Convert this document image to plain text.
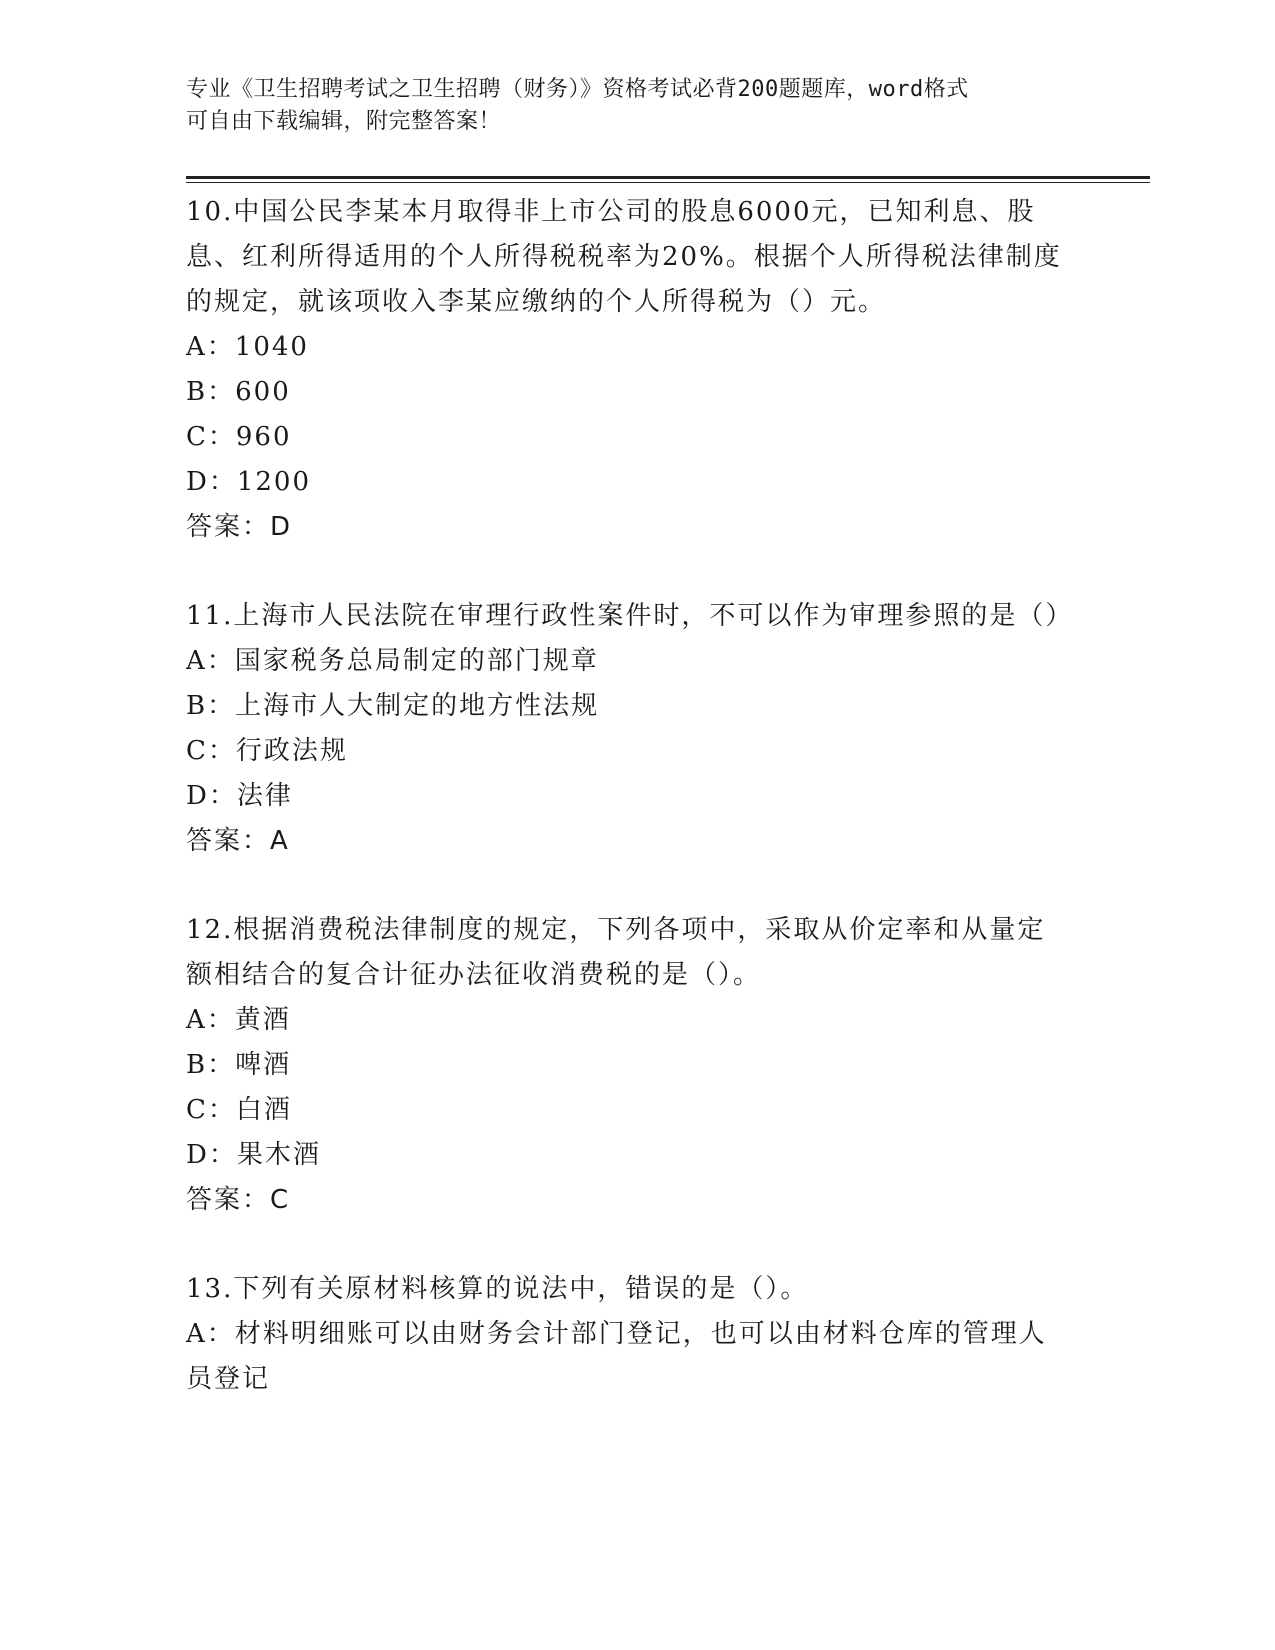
专业《卫生招聘考试之卫生招聘（财务）》资格考试必背200题题库，word格式
可自由下载编辑，附完整答案！
10.中国公民李某本月取得非上市公司的股息6000元，已知利息、股息、红利所得适用的个人所得税税率为20%。根据个人所得税法律制度的规定，就该项收入李某应缴纳的个人所得税为（）元。
A：1040
B：600
C：960
D：1200
答案：D
11.上海市人民法院在审理行政性案件时，不可以作为审理参照的是（）
A：国家税务总局制定的部门规章
B：上海市人大制定的地方性法规
C：行政法规
D：法律
答案：A
12.根据消费税法律制度的规定，下列各项中，采取从价定率和从量定额相结合的复合计征办法征收消费税的是（）。
A：黄酒
B：啤酒
C：白酒
D：果木酒
答案：C
13.下列有关原材料核算的说法中，错误的是（）。
A：材料明细账可以由财务会计部门登记，也可以由材料仓库的管理人员登记
